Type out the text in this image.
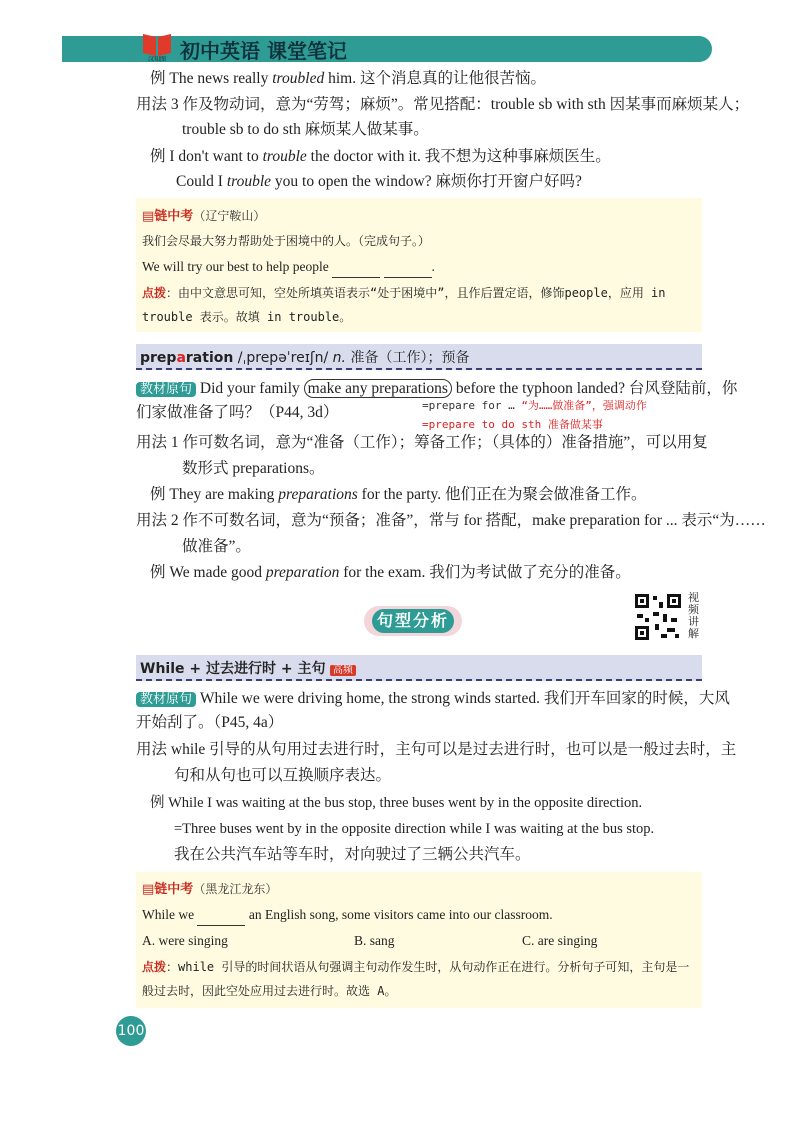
汉知图 初中英语 课堂笔记
例 The news really troubled him. 这个消息真的让他很苦恼。
用法 3 作及物动词，意为“劳驾；麻烦”。常见搭配：trouble sb with sth 因某事而麻烦某人；
trouble sb to do sth 麻烦某人做某事。
例 I don't want to trouble the doctor with it. 我不想为这种事麻烦医生。
Could I trouble you to open the window? 麻烦你打开窗户好吗?
▤链中考（辽宁鞍山）
我们会尽最大努力帮助处于困境中的人。（完成句子。）
We will try our best to help people	.
点拨：由中文意思可知，空处所填英语表示“处于困境中”，且作后置定语，修饰people，应用 in
trouble 表示。故填 in trouble。
preparation /ˌprepəˈreɪʃn/ n. 准备（工作）；预备
教材原句 Did your family make any preparations before the typhoon landed? 台风登陆前，你
们家做准备了吗？（P44, 3d）	=prepare for … “为……做准备”，强调动作
=prepare to do sth 准备做某事
用法 1 作可数名词，意为“准备（工作）；筹备工作；（具体的）准备措施”，可以用复
数形式 preparations。
例 They are making preparations for the party. 他们正在为聚会做准备工作。
用法 2 作不可数名词，意为“预备；准备”，常与 for 搭配，make preparation for ... 表示“为……
做准备”。
例 We made good preparation for the exam. 我们为考试做了充分的准备。
句型分析
视频讲解
While + 过去进行时 + 主句 高频
教材原句 While we were driving home, the strong winds started. 我们开车回家的时候，大风
开始刮了。（P45, 4a）
用法 while 引导的从句用过去进行时，主句可以是过去进行时，也可以是一般过去时，主
句和从句也可以互换顺序表达。
例 While I was waiting at the bus stop, three buses went by in the opposite direction.
=Three buses went by in the opposite direction while I was waiting at the bus stop.
我在公共汽车站等车时，对向驶过了三辆公共汽车。
▤链中考（黑龙江龙东）
While we	an English song, some visitors came into our classroom.
A. were singing	B. sang	C. are singing
点拨：while 引导的时间状语从句强调主句动作发生时，从句动作正在进行。分析句子可知，主句是一
般过去时，因此空处应用过去进行时。故选 A。
100
